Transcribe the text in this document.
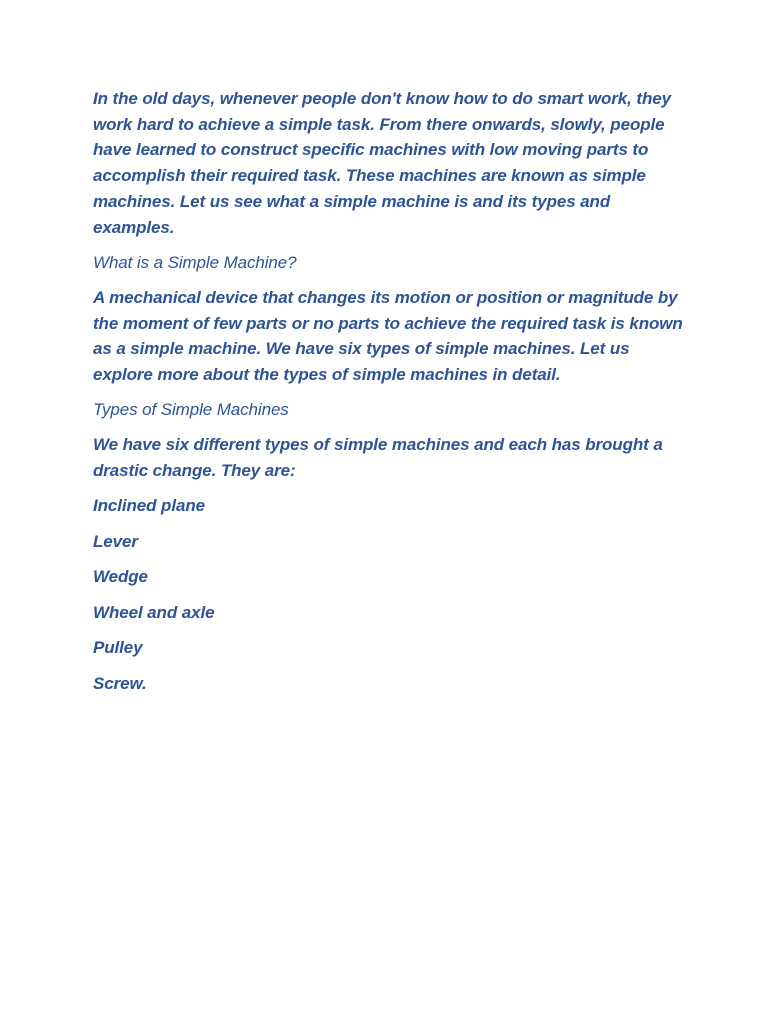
In the old days, whenever people don't know how to do smart work, they work hard to achieve a simple task. From there onwards, slowly, people have learned to construct specific machines with low moving parts to accomplish their required task. These machines are known as simple machines. Let us see what a simple machine is and its types and examples.

What is a Simple Machine?

A mechanical device that changes its motion or position or magnitude by the moment of few parts or no parts to achieve the required task is known as a simple machine. We have six types of simple machines. Let us explore more about the types of simple machines in detail.

Types of Simple Machines

We have six different types of simple machines and each has brought a drastic change. They are:

Inclined plane

Lever

Wedge

Wheel and axle

Pulley

Screw.
